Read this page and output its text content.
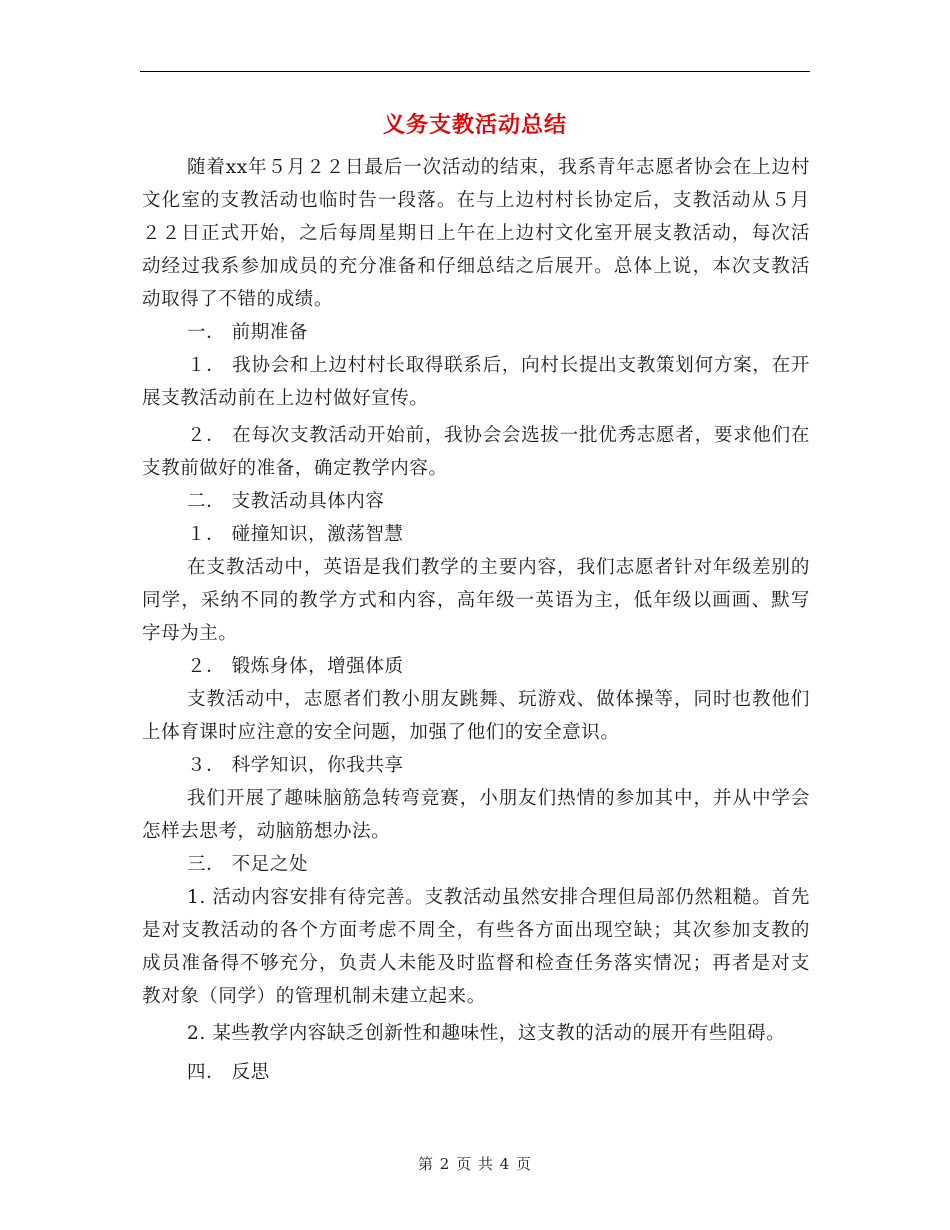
义务支教活动总结

随着xx年５月２２日最后一次活动的结束，我系青年志愿者协会在上边村文化室的支教活动也临时告一段落。在与上边村村长协定后，支教活动从５月２２日正式开始，之后每周星期日上午在上边村文化室开展支教活动，每次活动经过我系参加成员的充分准备和仔细总结之后展开。总体上说，本次支教活动取得了不错的成绩。

一． 前期准备

１． 我协会和上边村村长取得联系后，向村长提出支教策划何方案，在开展支教活动前在上边村做好宣传。

２． 在每次支教活动开始前，我协会会选拔一批优秀志愿者，要求他们在支教前做好的准备，确定教学内容。

二． 支教活动具体内容

１． 碰撞知识，激荡智慧

在支教活动中，英语是我们教学的主要内容，我们志愿者针对年级差别的同学，采纳不同的教学方式和内容，高年级一英语为主，低年级以画画、默写字母为主。

２． 锻炼身体，增强体质

支教活动中，志愿者们教小朋友跳舞、玩游戏、做体操等，同时也教他们上体育课时应注意的安全问题，加强了他们的安全意识。

３． 科学知识，你我共享

我们开展了趣味脑筋急转弯竞赛，小朋友们热情的参加其中，并从中学会怎样去思考，动脑筋想办法。

三． 不足之处

1. 活动内容安排有待完善。支教活动虽然安排合理但局部仍然粗糙。首先是对支教活动的各个方面考虑不周全，有些各方面出现空缺；其次参加支教的成员准备得不够充分，负责人未能及时监督和检查任务落实情况；再者是对支教对象（同学）的管理机制未建立起来。

2. 某些教学内容缺乏创新性和趣味性，这支教的活动的展开有些阻碍。

四． 反思

第 2 页 共 4 页
